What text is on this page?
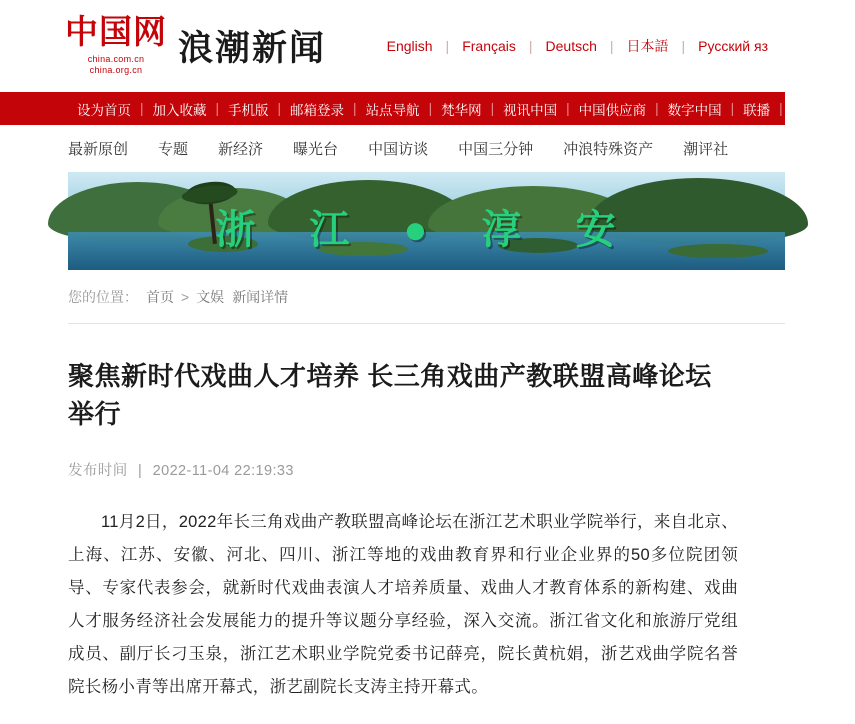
中国网
china.com.cn
china.org.cn
浪潮新闻	English | Français | Deutsch | 日本語 | Русский яз
设为首页 | 加入收藏 | 手机版 | 邮箱登录 | 站点导航 | 梵华网 | 视讯中国 | 中国供应商 | 数字中国 | 联播 | 风采中国
最新原创 专题 新经济 曝光台 中国访谈 中国三分钟 冲浪特殊资产 潮评社
浙 江 ● 淳 安
您的位置： 首页 > 文娱 新闻详情
聚焦新时代戏曲人才培养 长三角戏曲产教联盟高峰论坛举行
发布时间 | 2022-11-04 22:19:33

11月2日，2022年长三角戏曲产教联盟高峰论坛在浙江艺术职业学院举行，来自北京、上海、江苏、安徽、河北、四川、浙江等地的戏曲教育界和行业企业界的50多位院团领导、专家代表参会，就新时代戏曲表演人才培养质量、戏曲人才教育体系的新构建、戏曲人才服务经济社会发展能力的提升等议题分享经验，深入交流。浙江省文化和旅游厅党组成员、副厅长刁玉泉，浙江艺术职业学院党委书记薛亮，院长黄杭娟，浙艺戏曲学院名誉院长杨小青等出席开幕式，浙艺副院长支涛主持开幕式。
